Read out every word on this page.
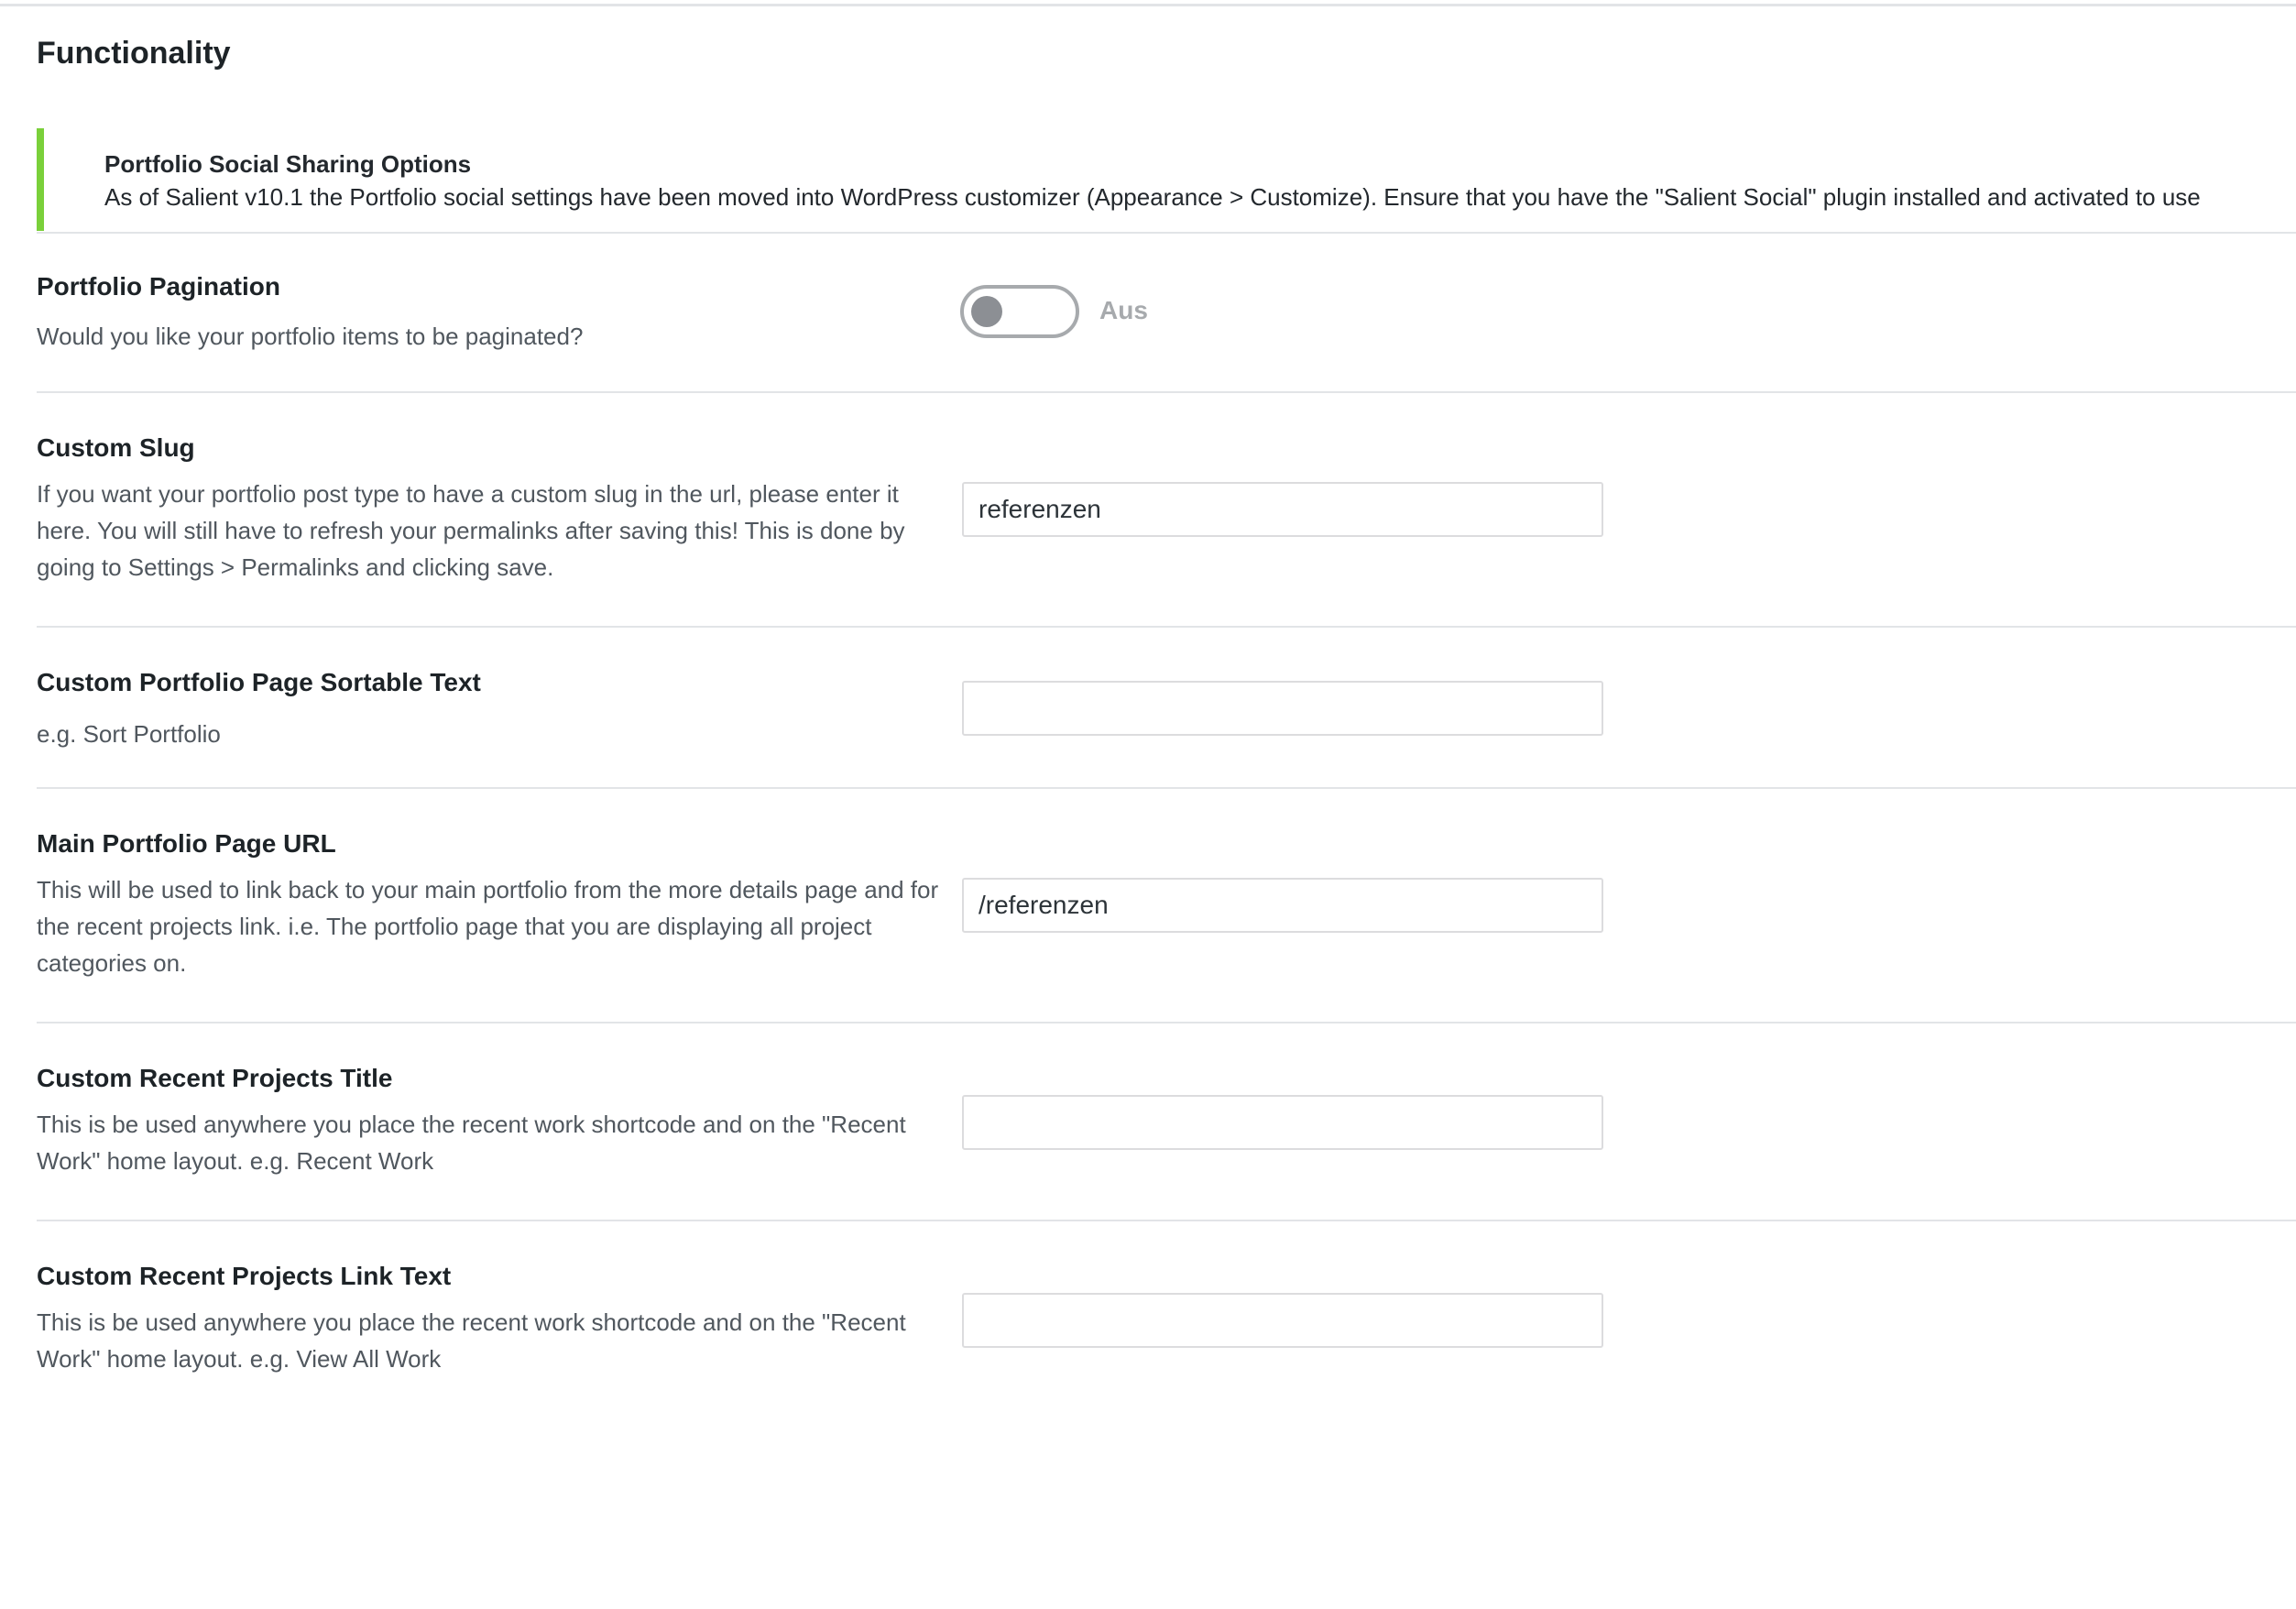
Functionality

Portfolio Social Sharing Options

As of Salient v10.1 the Portfolio social settings have been moved into WordPress customizer (Appearance > Customize). Ensure that you have the "Salient Social" plugin installed and activated to use

Portfolio Pagination

Would you like your portfolio items to be paginated?

Aus

Custom Slug

If you want your portfolio post type to have a custom slug in the url, please enter it here. You will still have to refresh your permalinks after saving this! This is done by going to Settings > Permalinks and clicking save.

referenzen

Custom Portfolio Page Sortable Text

e.g. Sort Portfolio

Main Portfolio Page URL

This will be used to link back to your main portfolio from the more details page and for the recent projects link. i.e. The portfolio page that you are displaying all project categories on.

/referenzen

Custom Recent Projects Title

This is be used anywhere you place the recent work shortcode and on the "Recent Work" home layout. e.g. Recent Work

Custom Recent Projects Link Text

This is be used anywhere you place the recent work shortcode and on the "Recent Work" home layout. e.g. View All Work
